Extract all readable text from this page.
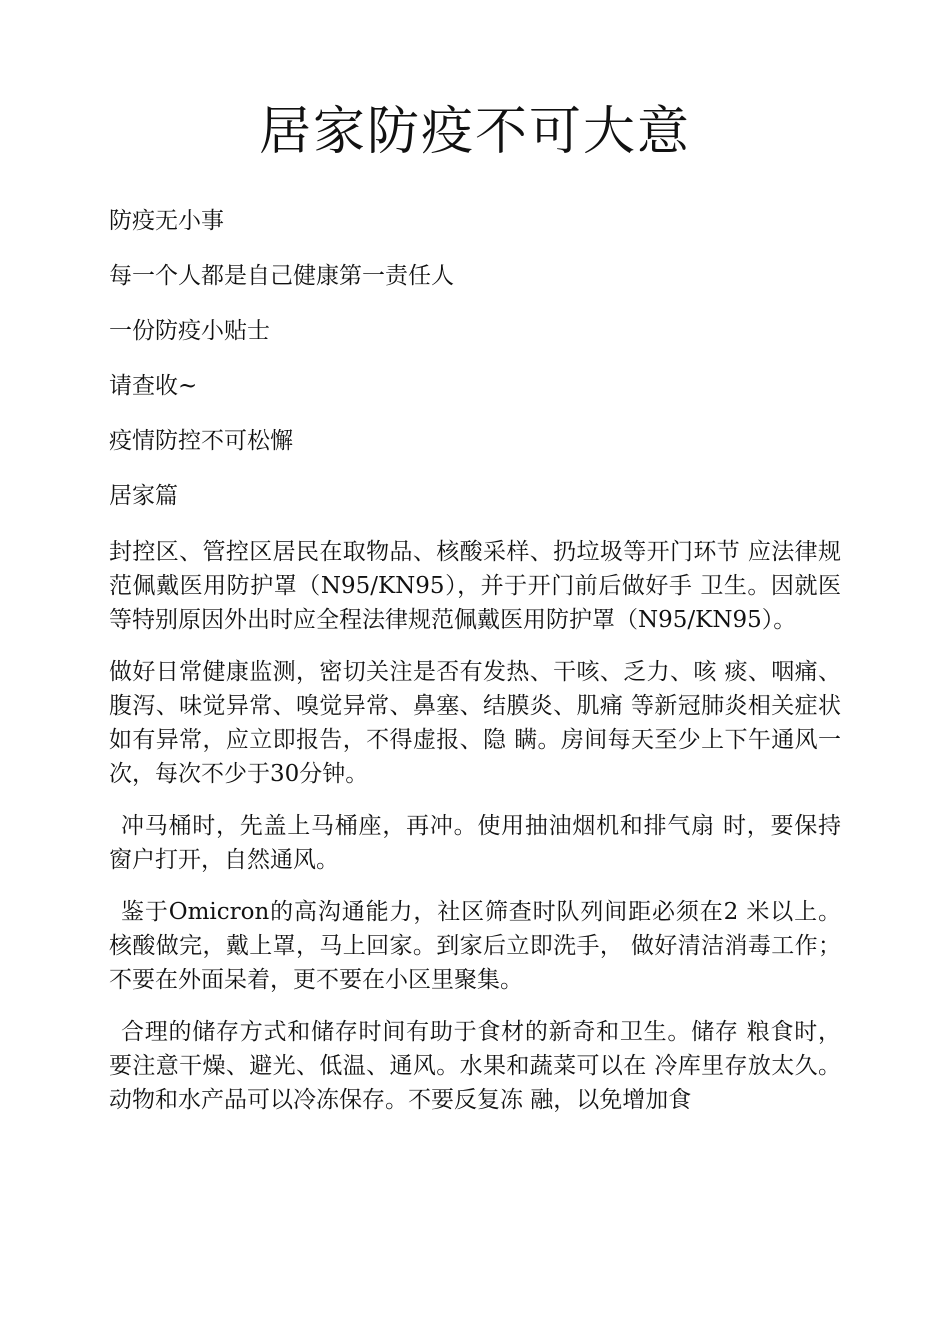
居家防疫不可大意

防疫无小事

每一个人都是自己健康第一责任人

一份防疫小贴士

请查收~

疫情防控不可松懈

居家篇

封控区、管控区居民在取物品、核酸采样、扔垃圾等开门环节 应法律规范佩戴医用防护罩（N95/KN95），并于开门前后做好手 卫生。因就医等特别原因外出时应全程法律规范佩戴医用防护罩（N95/KN95）。

做好日常健康监测，密切关注是否有发热、干咳、乏力、咳 痰、咽痛、腹泻、味觉异常、嗅觉异常、鼻塞、结膜炎、肌痛 等新冠肺炎相关症状如有异常，应立即报告，不得虚报、隐 瞒。房间每天至少上下午通风一次，每次不少于30分钟。

冲马桶时，先盖上马桶座，再冲。使用抽油烟机和排气扇 时，要保持窗户打开，自然通风。

鉴于Omicron的高沟通能力，社区筛查时队列间距必须在2 米以上。核酸做完，戴上罩，马上回家。到家后立即洗手， 做好清洁消毒工作；不要在外面呆着，更不要在小区里聚集。

合理的储存方式和储存时间有助于食材的新奇和卫生。储存 粮食时，要注意干燥、避光、低温、通风。水果和蔬菜可以在 冷库里存放太久。动物和水产品可以冷冻保存。不要反复冻 融，以免增加食
